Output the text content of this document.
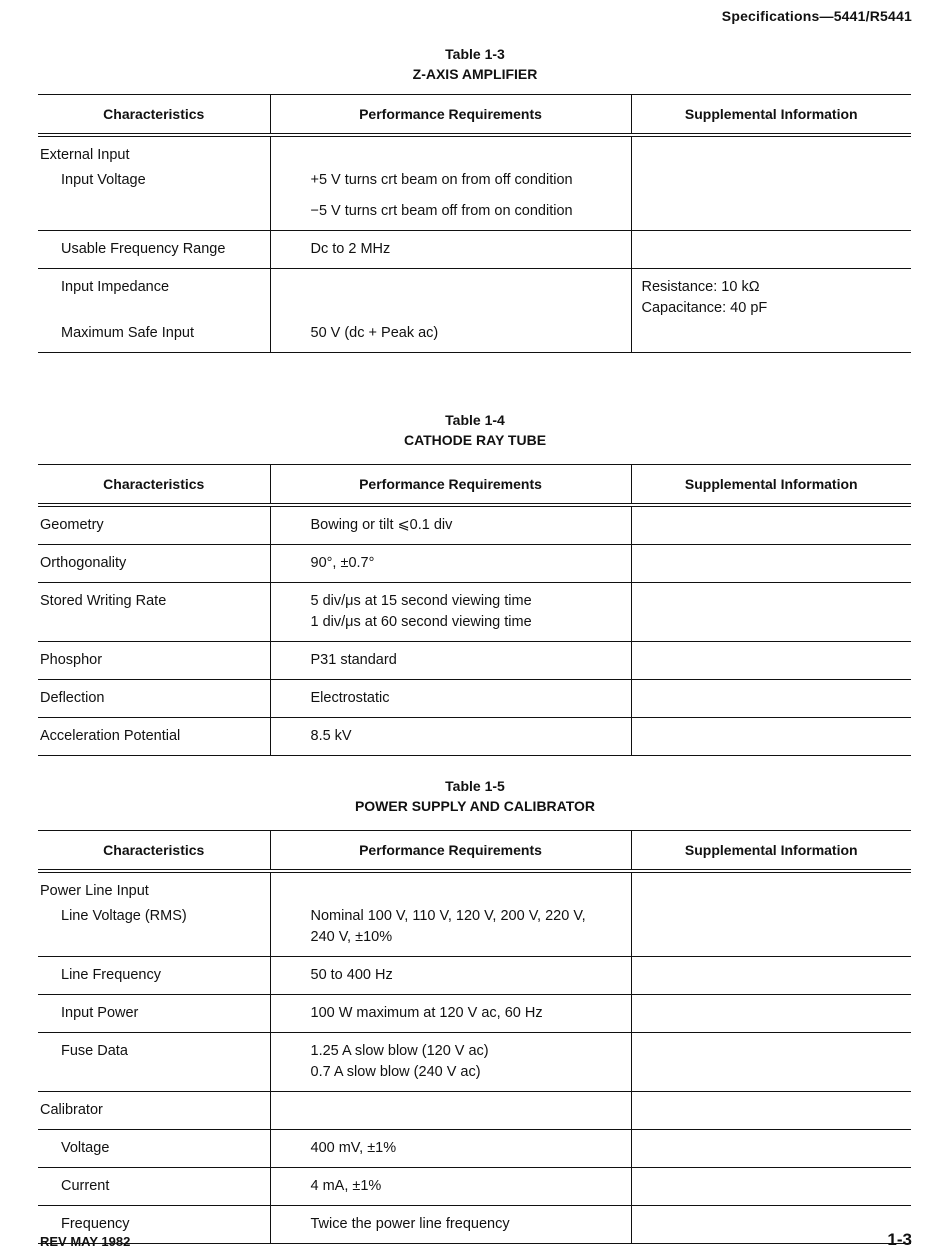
Specifications—5441/R5441
Table 1-3
Z-AXIS AMPLIFIER
Characteristics	Performance Requirements	Supplemental Information
External Input		
Input Voltage	+5 V turns crt beam on from off condition	
	−5 V turns crt beam off from on condition	
Usable Frequency Range	Dc to 2 MHz	
Input Impedance		Resistance: 10 kΩ
Capacitance: 40 pF
Maximum Safe Input	50 V (dc + Peak ac)	
Table 1-4
CATHODE RAY TUBE
Characteristics	Performance Requirements	Supplemental Information
Geometry	Bowing or tilt ⩽0.1 div	
Orthogonality	90°, ±0.7°	
Stored Writing Rate	5 div/μs at 15 second viewing time
1 div/μs at 60 second viewing time	
Phosphor	P31 standard	
Deflection	Electrostatic	
Acceleration Potential	8.5 kV	
Table 1-5
POWER SUPPLY AND CALIBRATOR
Characteristics	Performance Requirements	Supplemental Information
Power Line Input		
Line Voltage (RMS)	Nominal 100 V, 110 V, 120 V, 200 V, 220 V,
240 V, ±10%	
Line Frequency	50 to 400 Hz	
Input Power	100 W maximum at 120 V ac, 60 Hz	
Fuse Data	1.25 A slow blow (120 V ac)
0.7 A slow blow (240 V ac)	
Calibrator		
Voltage	400 mV, ±1%	
Current	4 mA, ±1%	
Frequency	Twice the power line frequency	
REV MAY 1982	1-3
